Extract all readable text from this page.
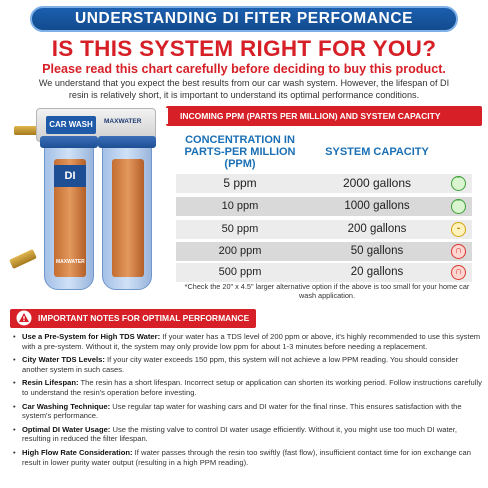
UNDERSTANDING DI FITER PERFOMANCE
IS THIS SYSTEM RIGHT FOR YOU?
Please read this chart carefully before deciding to buy this product.
We understand that you expect the best results from our car wash system. However, the lifespan of DI resin is relatively short, it is important to understand its optimal performance conditions.
CAR WASH	MAXWATER
DI
MAXWATER
INCOMING PPM (PARTS PER MILLION) AND SYSTEM CAPACITY
CONCENTRATION IN PARTS-PER MILLION (PPM)
SYSTEM CAPACITY
5 ppm	2000 gallons	‾
10 ppm	1000 gallons	‾
50 ppm	200 gallons	-
200 ppm	50 gallons	∩
500 ppm	20 gallons	∩
*Check the 20" x 4.5" larger alternative option if the above is too small for your home car wash application.
IMPORTANT NOTES FOR OPTIMAL PERFORMANCE
• Use a Pre-System for High TDS Water: If your water has a TDS level of 200 ppm or above, it's highly recommended to use this system with a pre-system. Without it, the system may only provide low ppm for about 1-3 minutes before needing a replacement.
• City Water TDS Levels: If your city water exceeds 150 ppm, this system will not achieve a low PPM reading. You should consider another system in such cases.
• Resin Lifespan: The resin has a short lifespan. Incorrect setup or application can shorten its working period. Follow instructions carefully to understand the resin's operation before investing.
• Car Washing Technique: Use regular tap water for washing cars and DI water for the final rinse. This ensures satisfaction with the system's performance.
• Optimal DI Water Usage: Use the misting valve to control DI water usage efficiently. Without it, you might use too much DI water, resulting in reduced the filter lifespan.
• High Flow Rate Consideration: If water passes through the resin too swiftly (fast flow), insufficient contact time for ion exchange can result in lower purity water output (resulting in a high PPM reading).
